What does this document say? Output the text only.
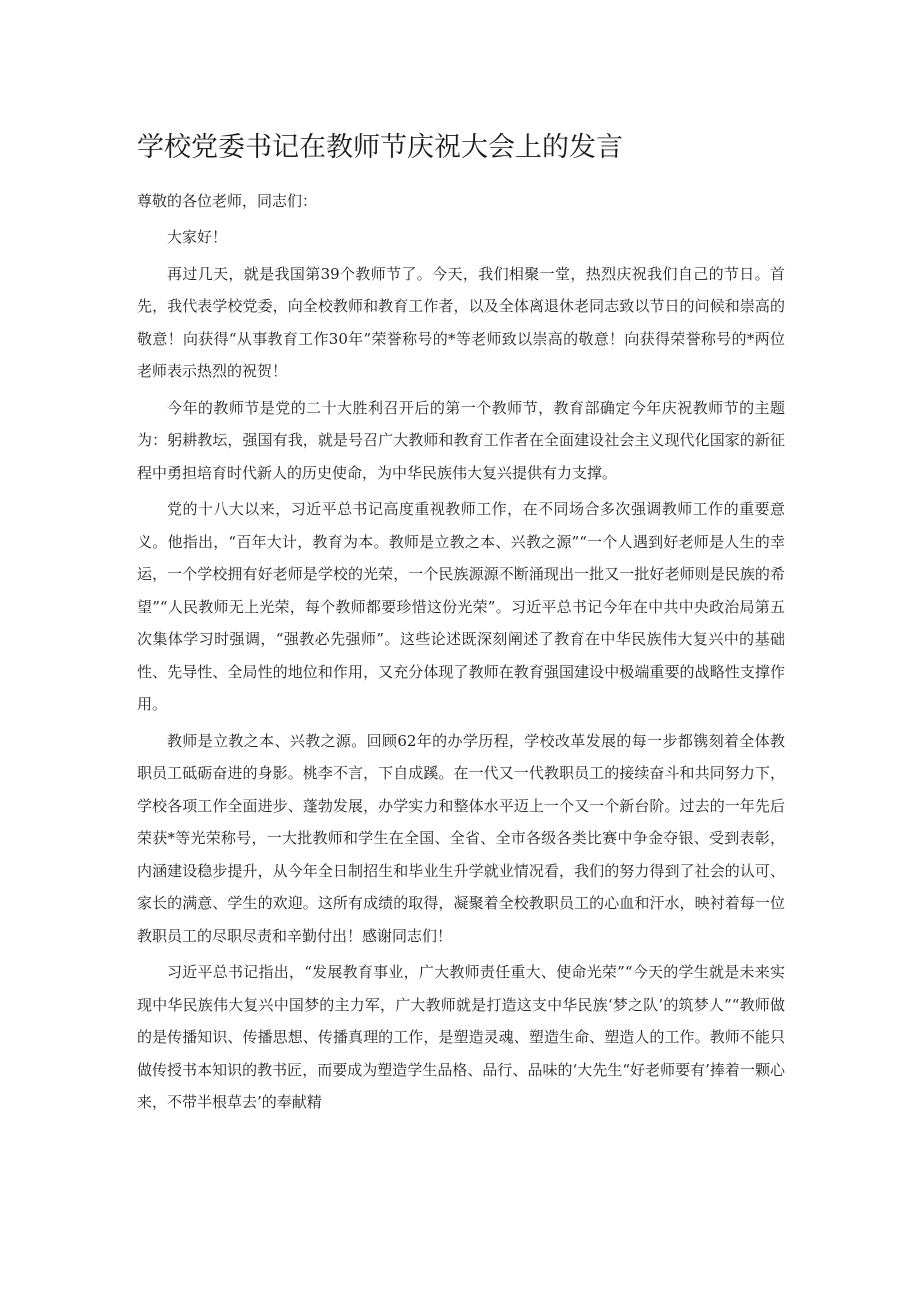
学校党委书记在教师节庆祝大会上的发言

尊敬的各位老师，同志们：

大家好！

再过几天，就是我国第39个教师节了。今天，我们相聚一堂，热烈庆祝我们自己的节日。首先，我代表学校党委，向全校教师和教育工作者，以及全体离退休老同志致以节日的问候和崇高的敬意！向获得“从事教育工作30年”荣誉称号的*等老师致以崇高的敬意！向获得荣誉称号的*两位老师表示热烈的祝贺！

今年的教师节是党的二十大胜利召开后的第一个教师节，教育部确定今年庆祝教师节的主题为：躬耕教坛，强国有我，就是号召广大教师和教育工作者在全面建设社会主义现代化国家的新征程中勇担培育时代新人的历史使命，为中华民族伟大复兴提供有力支撑。

党的十八大以来，习近平总书记高度重视教师工作，在不同场合多次强调教师工作的重要意义。他指出，“百年大计，教育为本。教师是立教之本、兴教之源”“一个人遇到好老师是人生的幸运，一个学校拥有好老师是学校的光荣，一个民族源源不断涌现出一批又一批好老师则是民族的希望”“人民教师无上光荣，每个教师都要珍惜这份光荣”。习近平总书记今年在中共中央政治局第五次集体学习时强调，“强教必先强师”。这些论述既深刻阐述了教育在中华民族伟大复兴中的基础性、先导性、全局性的地位和作用，又充分体现了教师在教育强国建设中极端重要的战略性支撑作用。

教师是立教之本、兴教之源。回顾62年的办学历程，学校改革发展的每一步都镌刻着全体教职员工砥砺奋进的身影。桃李不言，下自成蹊。在一代又一代教职员工的接续奋斗和共同努力下，学校各项工作全面进步、蓬勃发展，办学实力和整体水平迈上一个又一个新台阶。过去的一年先后荣获*等光荣称号，一大批教师和学生在全国、全省、全市各级各类比赛中争金夺银、受到表彰，内涵建设稳步提升，从今年全日制招生和毕业生升学就业情况看，我们的努力得到了社会的认可、家长的满意、学生的欢迎。这所有成绩的取得，凝聚着全校教职员工的心血和汗水，映衬着每一位教职员工的尽职尽责和辛勤付出！感谢同志们！

习近平总书记指出，“发展教育事业，广大教师责任重大、使命光荣”“今天的学生就是未来实现中华民族伟大复兴中国梦的主力军，广大教师就是打造这支中华民族‘梦之队’的筑梦人”“教师做的是传播知识、传播思想、传播真理的工作，是塑造灵魂、塑造生命、塑造人的工作。教师不能只做传授书本知识的教书匠，而要成为塑造学生品格、品行、品味的‘大先生“好老师要有’捧着一颗心来，不带半根草去’的奉献精
